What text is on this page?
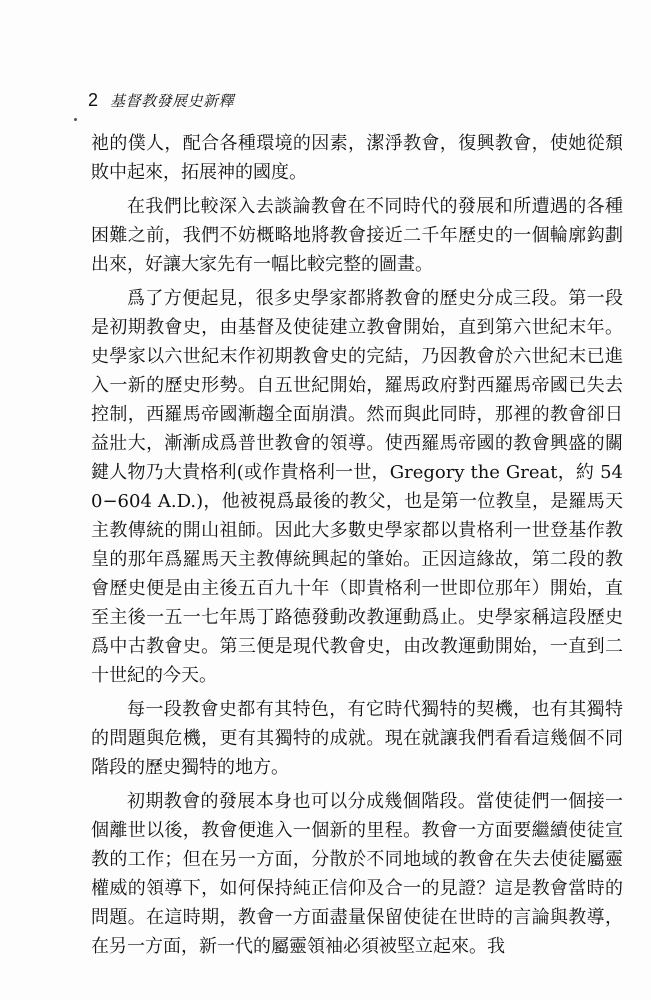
2 基督教發展史新釋

祂的僕人，配合各種環境的因素，潔淨教會，復興教會，使她從頹敗中起來，拓展神的國度。

在我們比較深入去談論教會在不同時代的發展和所遭遇的各種困難之前，我們不妨概略地將教會接近二千年歷史的一個輪廓鈎劃出來，好讓大家先有一幅比較完整的圖畫。

爲了方便起見，很多史學家都將教會的歷史分成三段。第一段是初期教會史，由基督及使徒建立教會開始，直到第六世紀末年。史學家以六世紀末作初期教會史的完結，乃因教會於六世紀末已進入一新的歷史形勢。自五世紀開始，羅馬政府對西羅馬帝國已失去控制，西羅馬帝國漸趨全面崩潰。然而與此同時，那裡的教會卻日益壯大，漸漸成爲普世教會的領導。使西羅馬帝國的教會興盛的關鍵人物乃大貴格利(或作貴格利一世，Gregory the Great，約 540−604 A.D.)，他被視爲最後的教父，也是第一位教皇，是羅馬天主教傳統的開山祖師。因此大多數史學家都以貴格利一世登基作教皇的那年爲羅馬天主教傳統興起的肇始。正因這緣故，第二段的教會歷史便是由主後五百九十年（即貴格利一世即位那年）開始，直至主後一五一七年馬丁路德發動改教運動爲止。史學家稱這段歷史爲中古教會史。第三便是現代教會史，由改教運動開始，一直到二十世紀的今天。

每一段教會史都有其特色，有它時代獨特的契機，也有其獨特的問題與危機，更有其獨特的成就。現在就讓我們看看這幾個不同階段的歷史獨特的地方。

初期教會的發展本身也可以分成幾個階段。當使徒們一個接一個離世以後，教會便進入一個新的里程。教會一方面要繼續使徒宣教的工作；但在另一方面，分散於不同地域的教會在失去使徒屬靈權威的領導下，如何保持純正信仰及合一的見證？這是教會當時的問題。在這時期，教會一方面盡量保留使徒在世時的言論與教導，在另一方面，新一代的屬靈領袖必須被堅立起來。我
